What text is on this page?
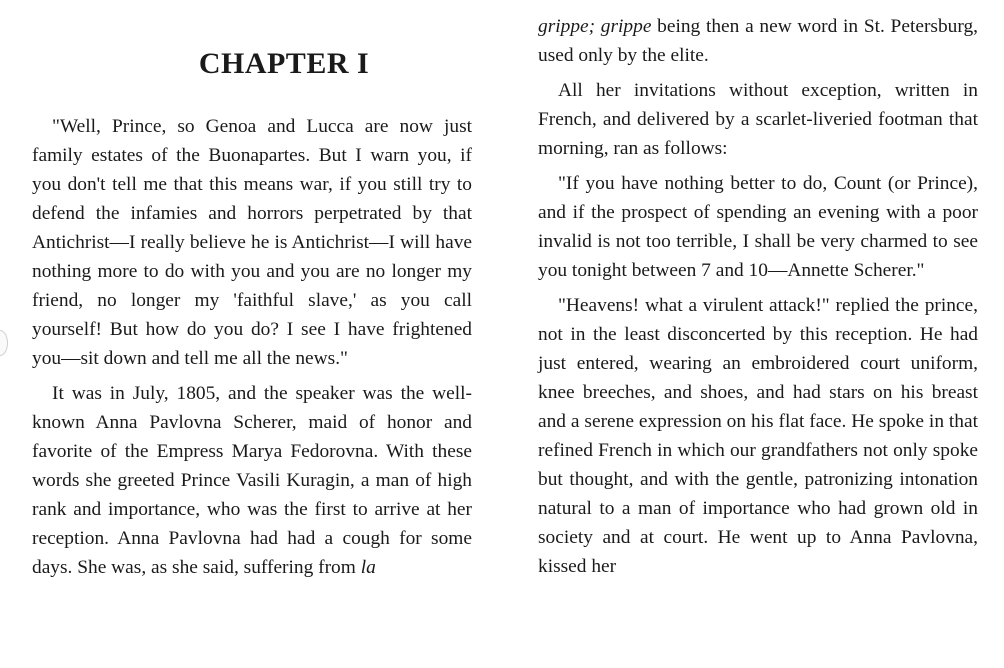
CHAPTER I

"Well, Prince, so Genoa and Lucca are now just family estates of the Buonapartes. But I warn you, if you don't tell me that this means war, if you still try to defend the infamies and horrors perpetrated by that Antichrist—I really believe he is Antichrist—I will have nothing more to do with you and you are no longer my friend, no longer my 'faithful slave,' as you call yourself! But how do you do? I see I have frightened you—sit down and tell me all the news."

It was in July, 1805, and the speaker was the well-known Anna Pavlovna Scherer, maid of honor and favorite of the Empress Marya Fedorovna. With these words she greeted Prince Vasili Kuragin, a man of high rank and importance, who was the first to arrive at her reception. Anna Pavlovna had had a cough for some days. She was, as she said, suffering from la

grippe; grippe being then a new word in St. Petersburg, used only by the elite.

All her invitations without exception, written in French, and delivered by a scarlet-liveried footman that morning, ran as follows:

"If you have nothing better to do, Count (or Prince), and if the prospect of spending an evening with a poor invalid is not too terrible, I shall be very charmed to see you tonight between 7 and 10—Annette Scherer."

"Heavens! what a virulent attack!" replied the prince, not in the least disconcerted by this reception. He had just entered, wearing an embroidered court uniform, knee breeches, and shoes, and had stars on his breast and a serene expression on his flat face. He spoke in that refined French in which our grandfathers not only spoke but thought, and with the gentle, patronizing intonation natural to a man of importance who had grown old in society and at court. He went up to Anna Pavlovna, kissed her
